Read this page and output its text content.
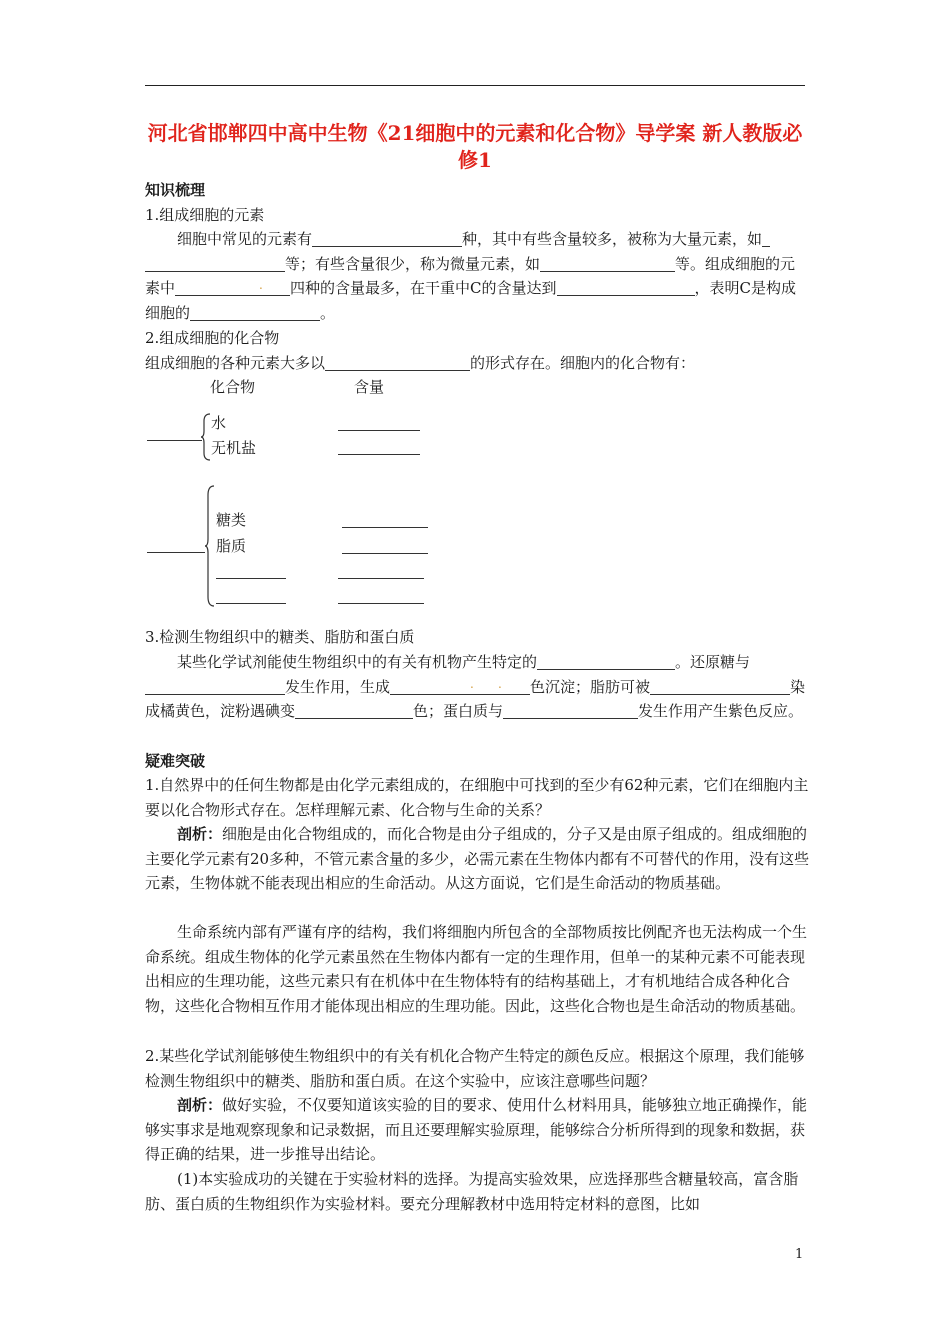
河北省邯郸四中高中生物《21细胞中的元素和化合物》导学案 新人教版必修1
知识梳理
1.组成细胞的元素
细胞中常见的元素有	种，其中有些含量较多，被称为大量元素，如等；有些含量很少，称为微量元素，如	等。组成细胞的元素中	. 四种的含量最多，在干重中C的含量达到	，表明C是构成细胞的	。
2.组成细胞的化合物
组成细胞的各种元素大多以	的形式存在。细胞内的化合物有：
化合物	含量
水
无机盐
糖类
脂质
3.检测生物组织中的糖类、脂肪和蛋白质
某些化学试剂能使生物组织中的有关有机物产生特定的	。还原糖与发生作用，生成	.	. 色沉淀；脂肪可被	染成橘黄色，淀粉遇碘变	色；蛋白质与	发生作用产生紫色反应。
疑难突破
1.自然界中的任何生物都是由化学元素组成的，在细胞中可找到的至少有62种元素，它们在细胞内主要以化合物形式存在。怎样理解元素、化合物与生命的关系？
剖析：细胞是由化合物组成的，而化合物是由分子组成的，分子又是由原子组成的。组成细胞的主要化学元素有20多种，不管元素含量的多少，必需元素在生物体内都有不可替代的作用，没有这些元素，生物体就不能表现出相应的生命活动。从这方面说，它们是生命活动的物质基础。
生命系统内部有严谨有序的结构，我们将细胞内所包含的全部物质按比例配齐也无法构成一个生命系统。组成生物体的化学元素虽然在生物体内都有一定的生理作用，但单一的某种元素不可能表现出相应的生理功能，这些元素只有在机体中在生物体特有的结构基础上，才有机地结合成各种化合物，这些化合物相互作用才能体现出相应的生理功能。因此，这些化合物也是生命活动的物质基础。
2.某些化学试剂能够使生物组织中的有关有机化合物产生特定的颜色反应。根据这个原理，我们能够检测生物组织中的糖类、脂肪和蛋白质。在这个实验中，应该注意哪些问题？
剖析：做好实验，不仅要知道该实验的目的要求、使用什么材料用具，能够独立地正确操作，能够实事求是地观察现象和记录数据，而且还要理解实验原理，能够综合分析所得到的现象和数据，获得正确的结果，进一步推导出结论。
(1)本实验成功的关键在于实验材料的选择。为提高实验效果，应选择那些含糖量较高，富含脂肪、蛋白质的生物组织作为实验材料。要充分理解教材中选用特定材料的意图，比如
1
